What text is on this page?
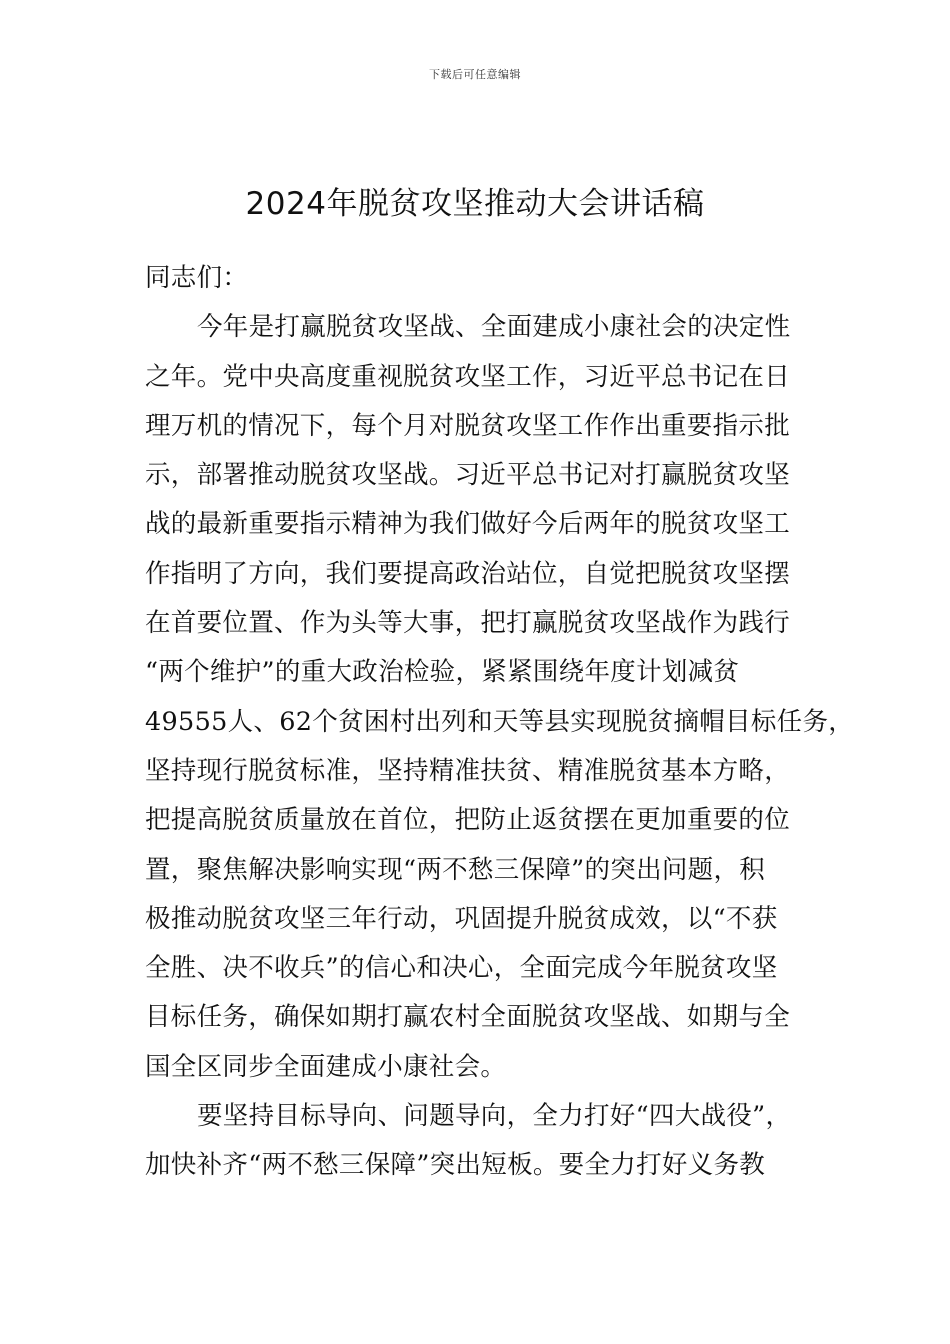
下载后可任意编辑
2024年脱贫攻坚推动大会讲话稿
同志们：
今年是打赢脱贫攻坚战、全面建成小康社会的决定性
之年。党中央高度重视脱贫攻坚工作，习近平总书记在日
理万机的情况下，每个月对脱贫攻坚工作作出重要指示批
示，部署推动脱贫攻坚战。习近平总书记对打赢脱贫攻坚
战的最新重要指示精神为我们做好今后两年的脱贫攻坚工
作指明了方向，我们要提高政治站位，自觉把脱贫攻坚摆
在首要位置、作为头等大事，把打赢脱贫攻坚战作为践行
“两个维护”的重大政治检验，紧紧围绕年度计划减贫
49555人、62个贫困村出列和天等县实现脱贫摘帽目标任务，
坚持现行脱贫标准，坚持精准扶贫、精准脱贫基本方略，
把提高脱贫质量放在首位，把防止返贫摆在更加重要的位
置，聚焦解决影响实现“两不愁三保障”的突出问题，积
极推动脱贫攻坚三年行动，巩固提升脱贫成效，以“不获
全胜、决不收兵”的信心和决心，全面完成今年脱贫攻坚
目标任务，确保如期打赢农村全面脱贫攻坚战、如期与全
国全区同步全面建成小康社会。
要坚持目标导向、问题导向，全力打好“四大战役”，
加快补齐“两不愁三保障”突出短板。要全力打好义务教
